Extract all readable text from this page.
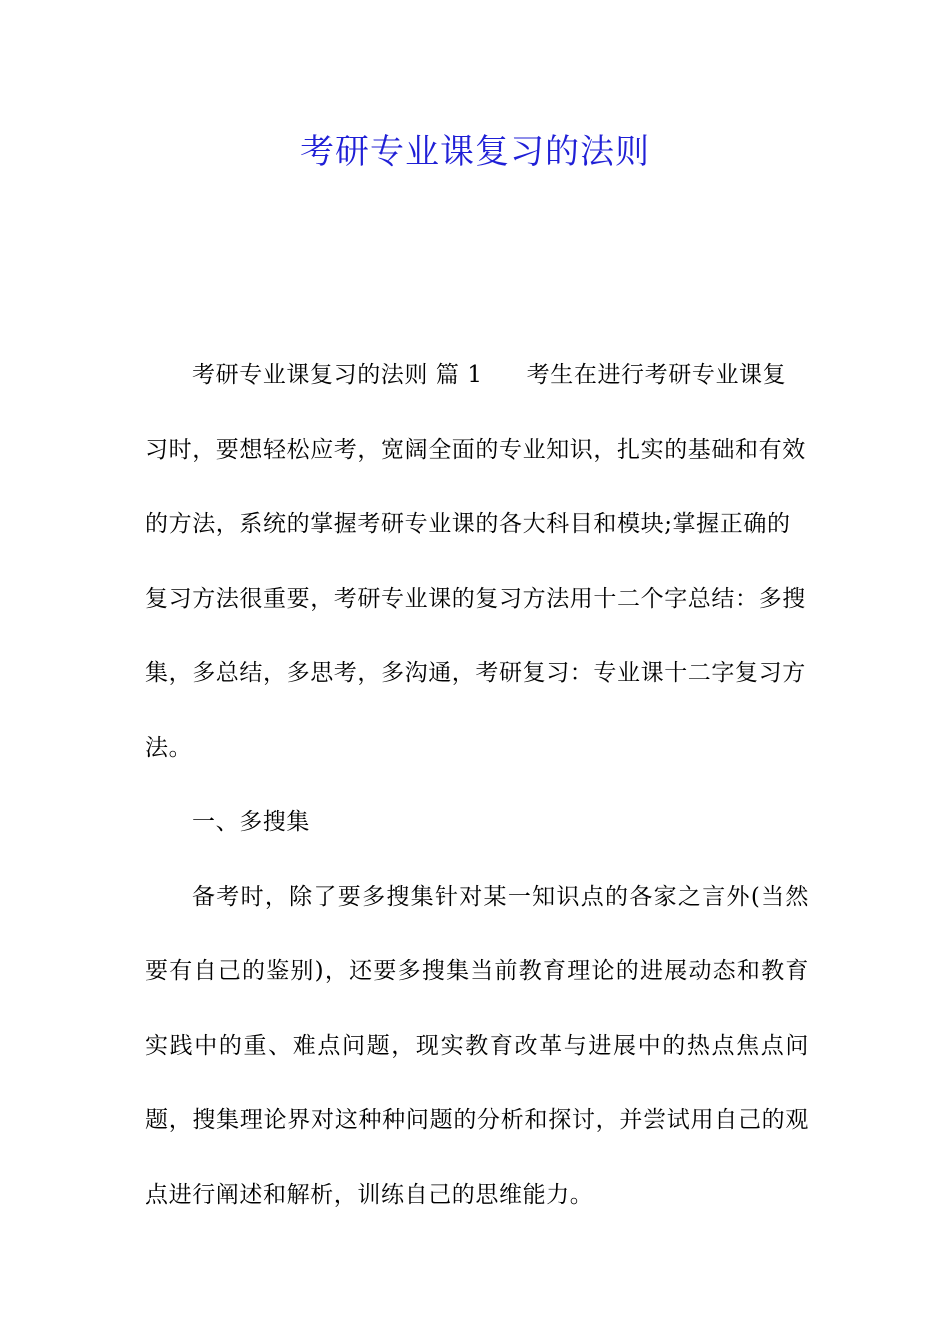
考研专业课复习的法则

考研专业课复习的法则 篇 1 考生在进行考研专业课复习时，要想轻松应考，宽阔全面的专业知识，扎实的基础和有效的方法，系统的掌握考研专业课的各大科目和模块;掌握正确的复习方法很重要，考研专业课的复习方法用十二个字总结：多搜集，多总结，多思考，多沟通，考研复习：专业课十二字复习方法。

一、多搜集

备考时，除了要多搜集针对某一知识点的各家之言外(当然要有自己的鉴别)，还要多搜集当前教育理论的进展动态和教育实践中的重、难点问题，现实教育改革与进展中的热点焦点问题，搜集理论界对这种种问题的分析和探讨，并尝试用自己的观点进行阐述和解析，训练自己的思维能力。
